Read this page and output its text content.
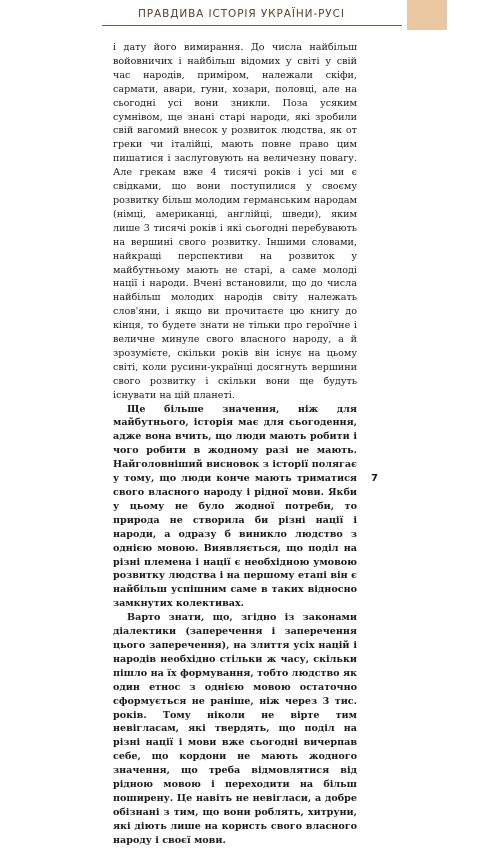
ПРАВДИВА ІСТОРІЯ УКРАЇНИ-РУСІ

і дату його вимирання. До числа найбільш войовничих і найбільш відомих у світі у свій час народів, приміром, належали скіфи, сармати, авари, гуни, хозари, половці, але на сьогодні усі вони зникли. Поза усяким сумнівом, ще знані старі народи, які зробили свій вагомий внесок у розвиток людства, як от греки чи італійці, мають повне право цим пишатися і заслуговують на величезну повагу. Але грекам вже 4 тисячі років і усі ми є свідками, що вони поступилися у своєму розвитку більш молодим германським народам (німці, американці, англійці, шведи), яким лише 3 тисячі років і які сьогодні перебувають на вершині свого розвитку. Іншими словами, найкращі перспективи на розвиток у майбутньому мають не старі, а саме молоді нації і народи. Вчені встановили, що до числа найбільш молодих народів світу належать слов'яни, і якщо ви прочитаєте цю книгу до кінця, то будете знати не тільки про героїчне і величне минуле свого власного народу, а й зрозумієте, скільки років він існує на цьому світі, коли русини-українці досягнуть вершини свого розвитку і скільки вони ще будуть існувати на цій планеті.

Ще більше значення, ніж для майбутнього, історія має для сьогодення, адже вона вчить, що люди мають робити і чого робити в жодному разі не мають. Найголовніший висновок з історії полягає у тому, що люди конче мають триматися свого власного народу і рідної мови. Якби у цьому не було жодної потреби, то природа не створила би різні нації і народи, а одразу б виникло людство з однією мовою. Виявляється, що поділ на різні племена і нації є необхідною умовою розвитку людства і на першому етапі він є найбільш успішним саме в таких відносно замкнутих колективах.

Варто знати, що, згідно із законами діалектики (заперечення і заперечення цього заперечення), на злиття усіх націй і народів необхідно стільки ж часу, скільки пішло на їх формування, тобто людство як один етнос з однією мовою остаточно сформується не раніше, ніж через 3 тис. років. Тому ніколи не вірте тим невігласам, які твердять, що поділ на різні нації і мови вже сьогодні вичерпав себе, що кордони не мають жодного значення, що треба відмовлятися від рідною мовою і переходити на більш поширену. Це навіть не невігласи, а добре обізнані з тим, що вони роблять, хитруни, які діють лише на користь свого власного народу і своєї мови.

7
